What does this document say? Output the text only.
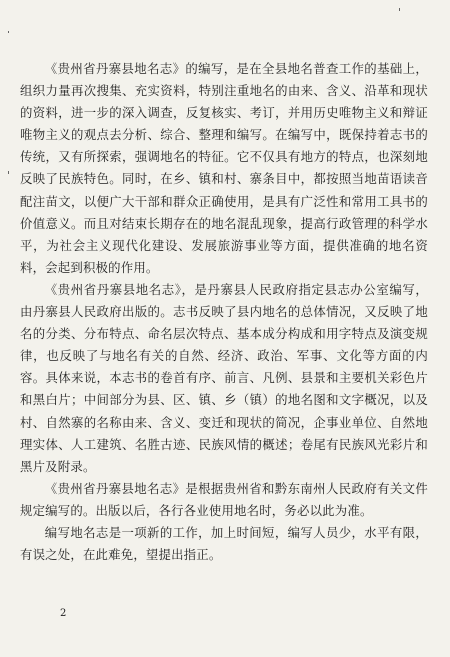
《贵州省丹寨县地名志》的编写，是在全县地名普查工作的基础上，组织力量再次搜集、充实资料，特别注重地名的由来、含义、沿革和现状的资料，进一步的深入调查，反复核实、考订，并用历史唯物主义和辩证唯物主义的观点去分析、综合、整理和编写。在编写中，既保持着志书的传统，又有所探索，强调地名的特征。它不仅具有地方的特点，也深刻地反映了民族特色。同时，在乡、镇和村、寨条目中，都按照当地苗语读音配注苗文，以便广大干部和群众正确使用，是具有广泛性和常用工具书的价值意义。而且对结束长期存在的地名混乱现象，提高行政管理的科学水平，为社会主义现代化建设、发展旅游事业等方面，提供准确的地名资料，会起到积极的作用。

《贵州省丹寨县地名志》，是丹寨县人民政府指定县志办公室编写，由丹寨县人民政府出版的。志书反映了县内地名的总体情况，又反映了地名的分类、分布特点、命名层次特点、基本成分构成和用字特点及演变规律，也反映了与地名有关的自然、经济、政治、军事、文化等方面的内容。具体来说，本志书的卷首有序、前言、凡例、县景和主要机关彩色片和黑白片；中间部分为县、区、镇、乡（镇）的地名图和文字概况，以及村、自然寨的名称由来、含义、变迁和现状的简况，企事业单位、自然地理实体、人工建筑、名胜古迹、民族风情的概述；卷尾有民族风光彩片和黑片及附录。

《贵州省丹寨县地名志》是根据贵州省和黔东南州人民政府有关文件规定编写的。出版以后，各行各业使用地名时，务必以此为准。

编写地名志是一项新的工作，加上时间短，编写人员少，水平有限，有误之处，在此难免，望提出指正。

2
